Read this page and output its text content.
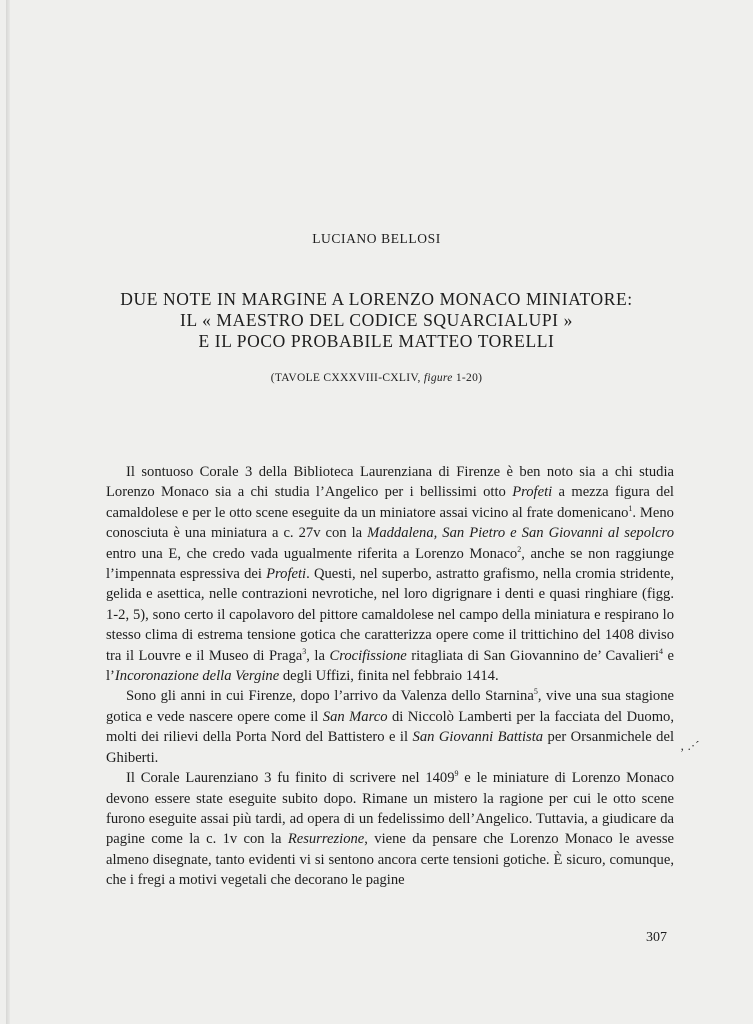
LUCIANO BELLOSI
DUE NOTE IN MARGINE A LORENZO MONACO MINIATORE:
IL « MAESTRO DEL CODICE SQUARCIALUPI »
E IL POCO PROBABILE MATTEO TORELLI
(TAVOLE CXXXVIII-CXLIV, figure 1-20)

Il sontuoso Corale 3 della Biblioteca Laurenziana di Firenze è ben noto sia a chi studia Lorenzo Monaco sia a chi studia l’Angelico per i bellissimi otto Profeti a mezza figura del camaldolese e per le otto scene eseguite da un miniatore assai vicino al frate domenicano$^1$. Meno conosciuta è una miniatura a c. 27v con la Maddalena, San Pietro e San Giovanni al sepolcro entro una E, che credo vada ugualmente riferita a Lorenzo Monaco$^2$, anche se non raggiunge l’impennata espressiva dei Profeti. Questi, nel superbo, astratto grafismo, nella cromia stridente, gelida e asettica, nelle contrazioni nevrotiche, nel loro digrignare i denti e quasi ringhiare (figg. 1-2, 5), sono certo il capolavoro del pittore camaldolese nel campo della miniatura e respirano lo stesso clima di estrema tensione gotica che caratterizza opere come il trittichino del 1408 diviso tra il Louvre e il Museo di Praga$^3$, la Crocifissione ritagliata di San Giovannino de’ Cavalieri$^4$ e l’Incoronazione della Vergine degli Uffizi, finita nel febbraio 1414.

Sono gli anni in cui Firenze, dopo l’arrivo da Valenza dello Starnina$^5$, vive una sua stagione gotica e vede nascere opere come il San Marco di Niccolò Lamberti per la facciata del Duomo, molti dei rilievi della Porta Nord del Battistero e il San Giovanni Battista per Orsanmichele del Ghiberti.

Il Corale Laurenziano 3 fu finito di scrivere nel 1409$^9$ e le miniature di Lorenzo Monaco devono essere state eseguite subito dopo. Rimane un mistero la ragione per cui le otto scene furono eseguite assai più tardi, ad opera di un fedelissimo dell’Angelico. Tuttavia, a giudicare da pagine come la c. 1v con la Resurrezione, viene da pensare che Lorenzo Monaco le avesse almeno disegnate, tanto evidenti vi si sentono ancora certe tensioni gotiche. È sicuro, comunque, che i fregi a motivi vegetali che decorano le pagine

‚ .·´
307
